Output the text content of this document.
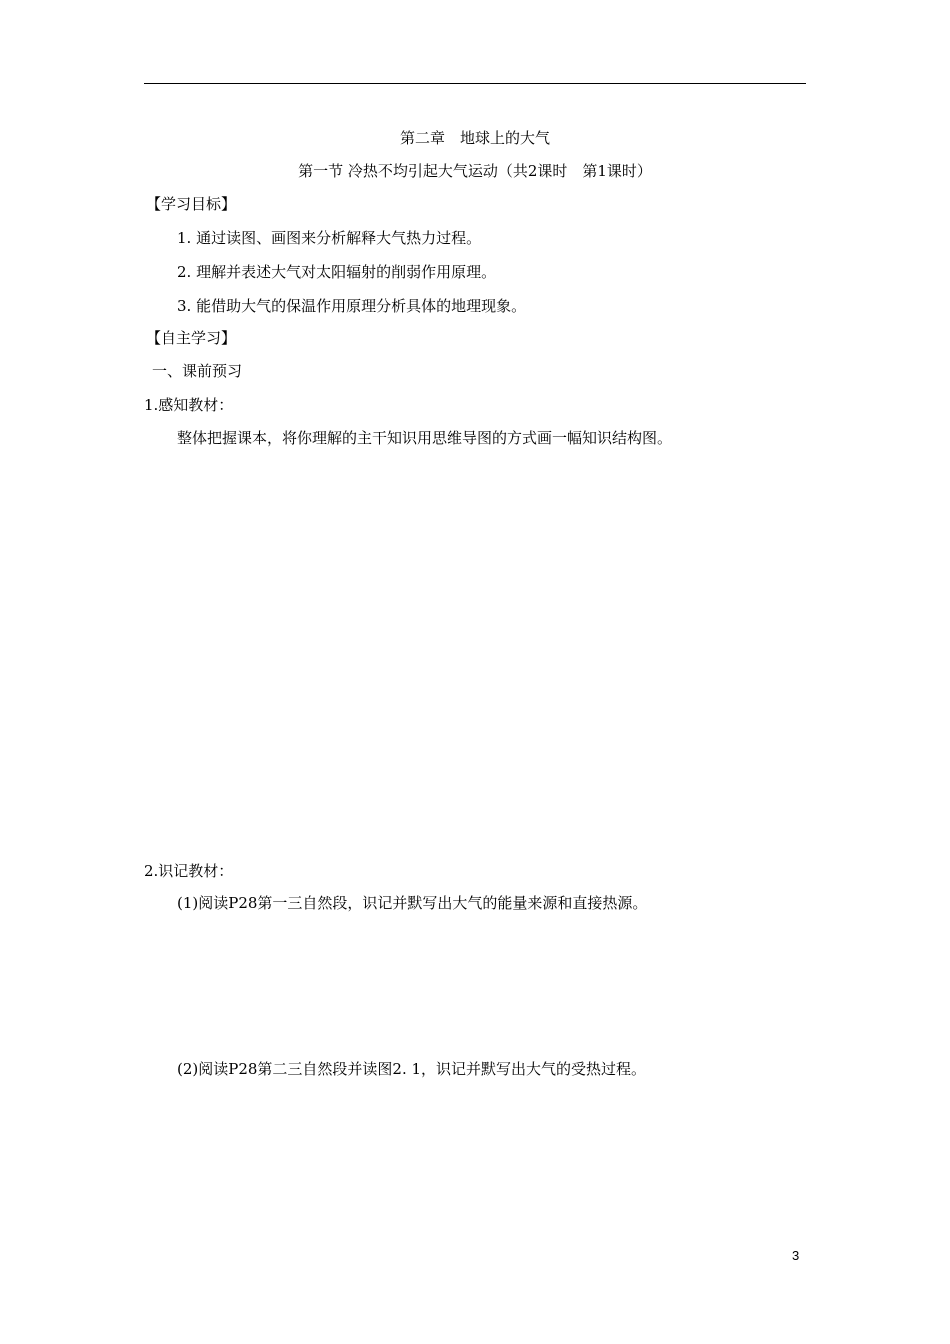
第二章　地球上的大气
第一节 冷热不均引起大气运动（共2课时　第1课时）
【学习目标】
1. 通过读图、画图来分析解释大气热力过程。
2. 理解并表述大气对太阳辐射的削弱作用原理。
3. 能借助大气的保温作用原理分析具体的地理现象。
【自主学习】
一、课前预习
1.感知教材：
整体把握课本，将你理解的主干知识用思维导图的方式画一幅知识结构图。
2.识记教材：
(1)阅读P28第一三自然段，识记并默写出大气的能量来源和直接热源。
(2)阅读P28第二三自然段并读图2. 1，识记并默写出大气的受热过程。
3
